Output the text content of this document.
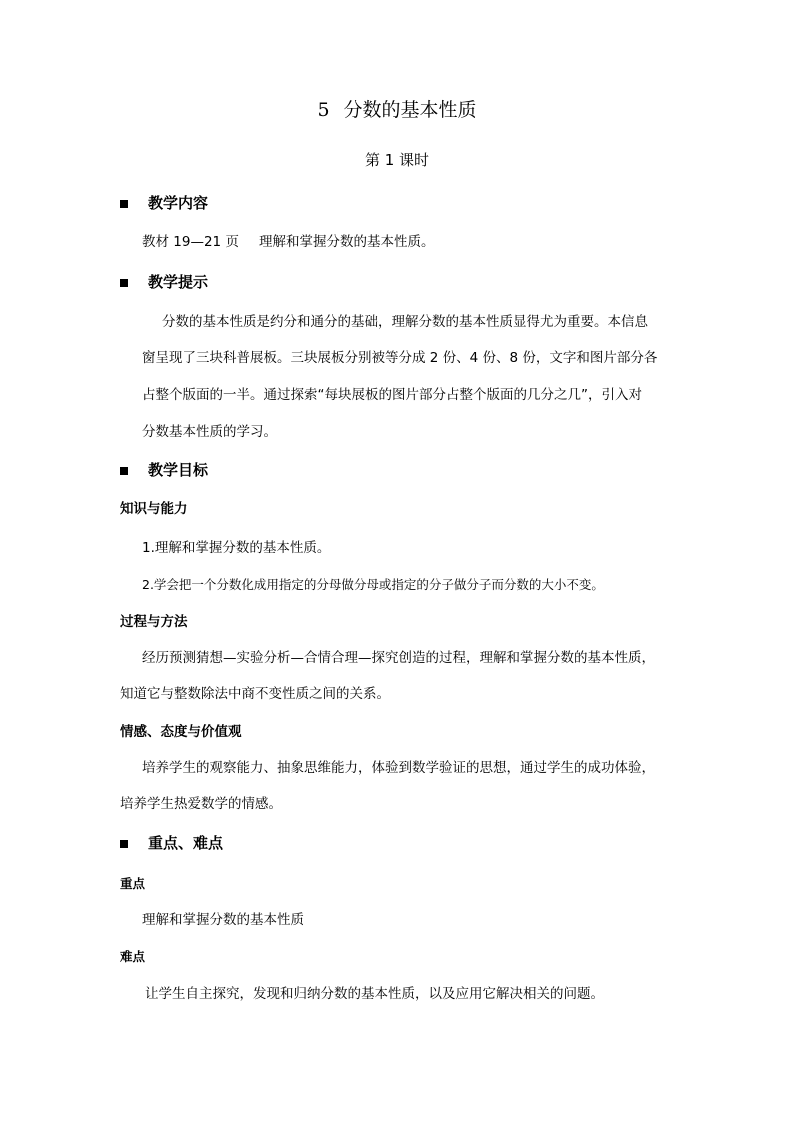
5 分数的基本性质
第 1 课时
教学内容
教材 19—21 页 理解和掌握分数的基本性质。
教学提示
分数的基本性质是约分和通分的基础，理解分数的基本性质显得尤为重要。本信息
窗呈现了三块科普展板。三块展板分别被等分成 2 份、4 份、8 份，文字和图片部分各
占整个版面的一半。通过探索“每块展板的图片部分占整个版面的几分之几”，引入对
分数基本性质的学习。
教学目标
知识与能力
1.理解和掌握分数的基本性质。
2.学会把一个分数化成用指定的分母做分母或指定的分子做分子而分数的大小不变。
过程与方法
经历预测猜想—实验分析—合情合理—探究创造的过程，理解和掌握分数的基本性质，
知道它与整数除法中商不变性质之间的关系。
情感、态度与价值观
培养学生的观察能力、抽象思维能力，体验到数学验证的思想，通过学生的成功体验，
培养学生热爱数学的情感。
重点、难点
重点
理解和掌握分数的基本性质
难点
让学生自主探究，发现和归纳分数的基本性质，以及应用它解决相关的问题。
